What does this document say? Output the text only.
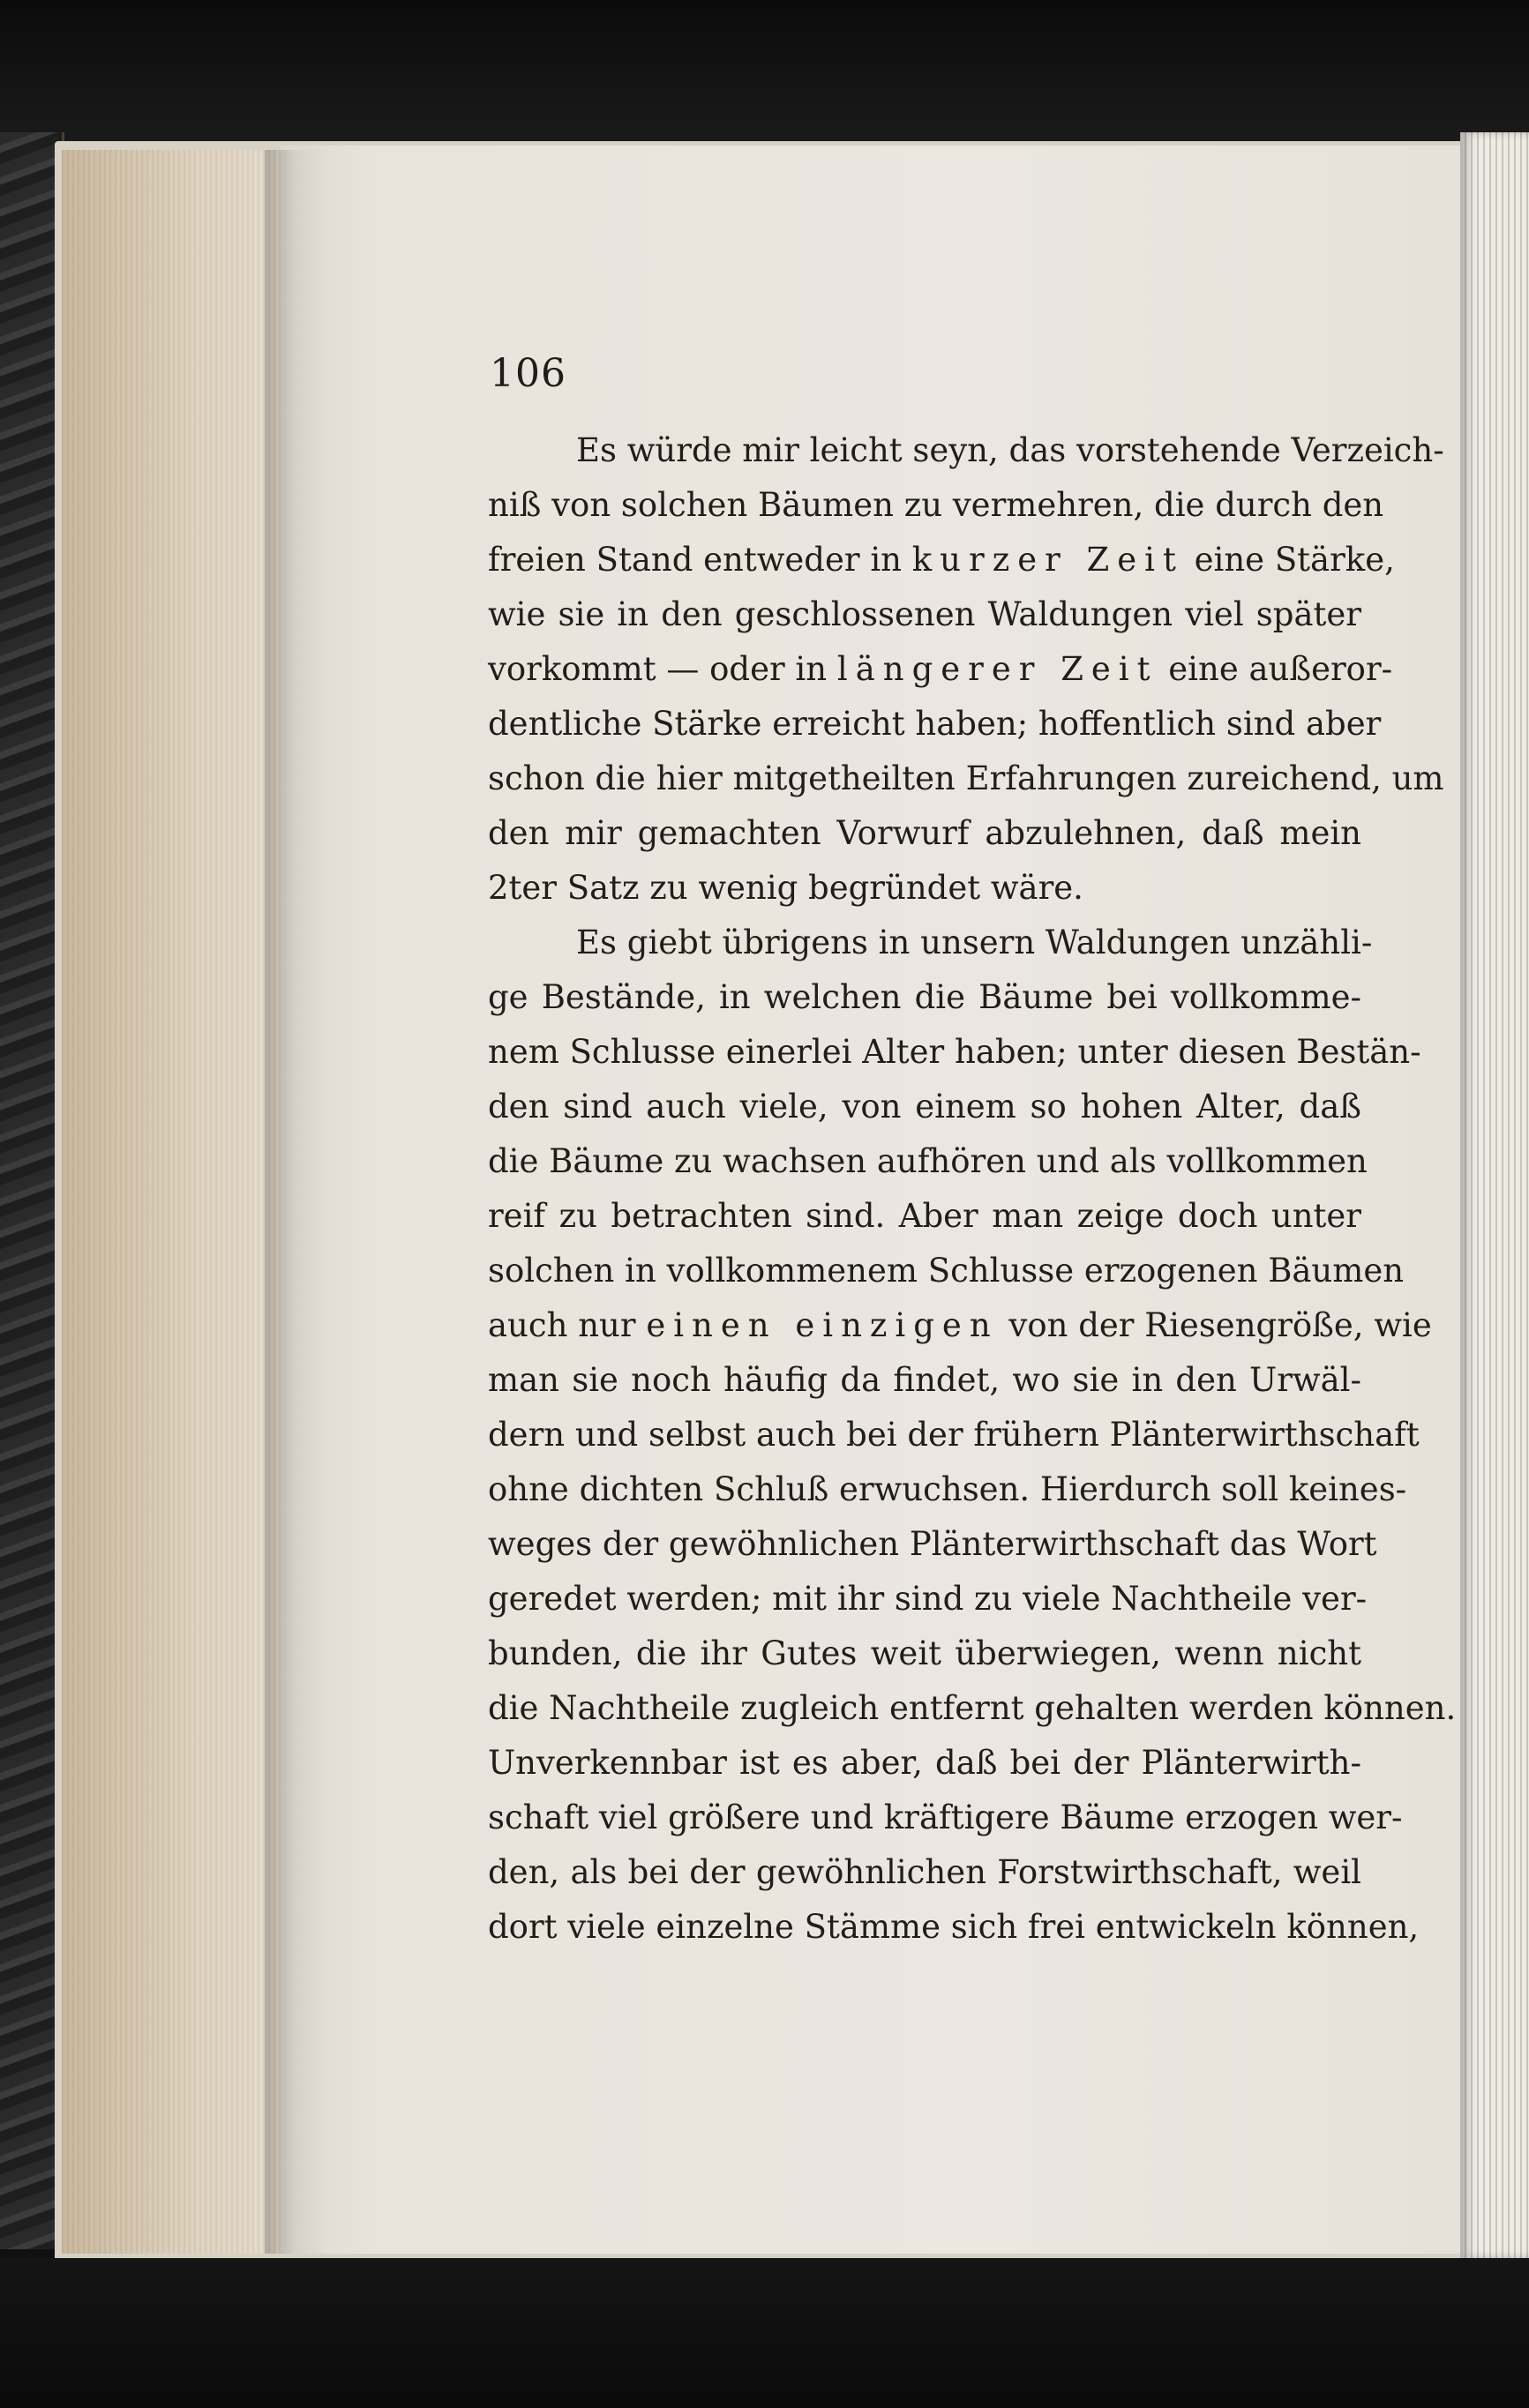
106
Es würde mir leicht seyn, das vorstehende Verzeich-
niß von solchen Bäumen zu vermehren, die durch den
freien Stand entweder in kurzer Zeit eine Stärke,
wie sie in den geschlossenen Waldungen viel später
vorkommt — oder in längerer Zeit eine außeror-
dentliche Stärke erreicht haben; hoffentlich sind aber
schon die hier mitgetheilten Erfahrungen zureichend, um
den mir gemachten Vorwurf abzulehnen, daß mein
2ter Satz zu wenig begründet wäre.
Es giebt übrigens in unsern Waldungen unzähli-
ge Bestände, in welchen die Bäume bei vollkomme-
nem Schlusse einerlei Alter haben; unter diesen Bestän-
den sind auch viele, von einem so hohen Alter, daß
die Bäume zu wachsen aufhören und als vollkommen
reif zu betrachten sind. Aber man zeige doch unter
solchen in vollkommenem Schlusse erzogenen Bäumen
auch nur einen einzigen von der Riesengröße, wie
man sie noch häufig da findet, wo sie in den Urwäl-
dern und selbst auch bei der frühern Plänterwirthschaft
ohne dichten Schluß erwuchsen. Hierdurch soll keines-
weges der gewöhnlichen Plänterwirthschaft das Wort
geredet werden; mit ihr sind zu viele Nachtheile ver-
bunden, die ihr Gutes weit überwiegen, wenn nicht
die Nachtheile zugleich entfernt gehalten werden können.
Unverkennbar ist es aber, daß bei der Plänterwirth-
schaft viel größere und kräftigere Bäume erzogen wer-
den, als bei der gewöhnlichen Forstwirthschaft, weil
dort viele einzelne Stämme sich frei entwickeln können,
